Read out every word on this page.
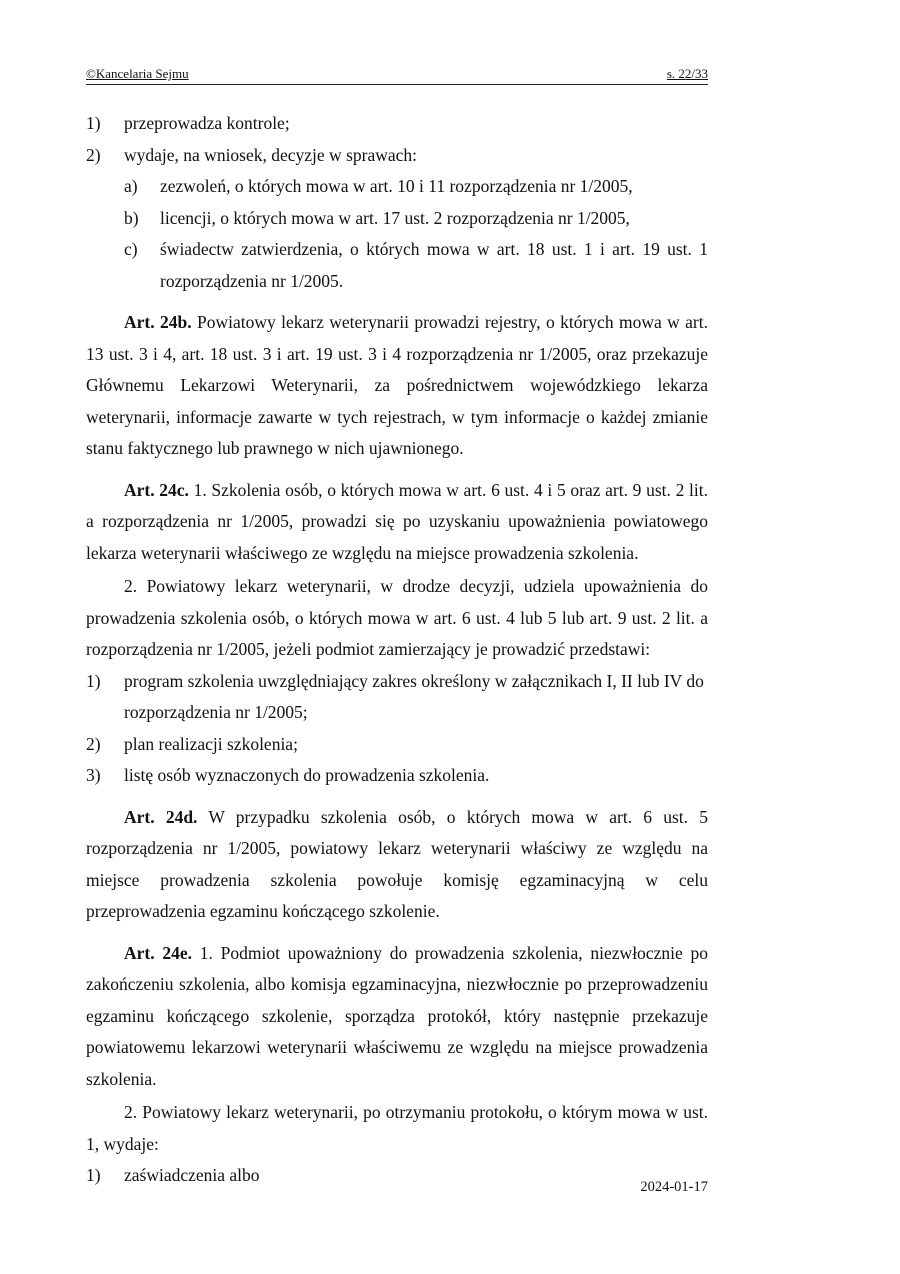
©Kancelaria Sejmu	s. 22/33
1) przeprowadza kontrole;
2) wydaje, na wniosek, decyzje w sprawach:
a) zezwoleń, o których mowa w art. 10 i 11 rozporządzenia nr 1/2005,
b) licencji, o których mowa w art. 17 ust. 2 rozporządzenia nr 1/2005,
c) świadectw zatwierdzenia, o których mowa w art. 18 ust. 1 i art. 19 ust. 1 rozporządzenia nr 1/2005.
Art. 24b. Powiatowy lekarz weterynarii prowadzi rejestry, o których mowa w art. 13 ust. 3 i 4, art. 18 ust. 3 i art. 19 ust. 3 i 4 rozporządzenia nr 1/2005, oraz przekazuje Głównemu Lekarzowi Weterynarii, za pośrednictwem wojewódzkiego lekarza weterynarii, informacje zawarte w tych rejestrach, w tym informacje o każdej zmianie stanu faktycznego lub prawnego w nich ujawnionego.
Art. 24c. 1. Szkolenia osób, o których mowa w art. 6 ust. 4 i 5 oraz art. 9 ust. 2 lit. a rozporządzenia nr 1/2005, prowadzi się po uzyskaniu upoważnienia powiatowego lekarza weterynarii właściwego ze względu na miejsce prowadzenia szkolenia.
2. Powiatowy lekarz weterynarii, w drodze decyzji, udziela upoważnienia do prowadzenia szkolenia osób, o których mowa w art. 6 ust. 4 lub 5 lub art. 9 ust. 2 lit. a rozporządzenia nr 1/2005, jeżeli podmiot zamierzający je prowadzić przedstawi:
1) program szkolenia uwzględniający zakres określony w załącznikach I, II lub IV do rozporządzenia nr 1/2005;
2) plan realizacji szkolenia;
3) listę osób wyznaczonych do prowadzenia szkolenia.
Art. 24d. W przypadku szkolenia osób, o których mowa w art. 6 ust. 5 rozporządzenia nr 1/2005, powiatowy lekarz weterynarii właściwy ze względu na miejsce prowadzenia szkolenia powołuje komisję egzaminacyjną w celu przeprowadzenia egzaminu kończącego szkolenie.
Art. 24e. 1. Podmiot upoważniony do prowadzenia szkolenia, niezwłocznie po zakończeniu szkolenia, albo komisja egzaminacyjna, niezwłocznie po przeprowadzeniu egzaminu kończącego szkolenie, sporządza protokół, który następnie przekazuje powiatowemu lekarzowi weterynarii właściwemu ze względu na miejsce prowadzenia szkolenia.
2. Powiatowy lekarz weterynarii, po otrzymaniu protokołu, o którym mowa w ust. 1, wydaje:
1) zaświadczenia albo
2024-01-17
